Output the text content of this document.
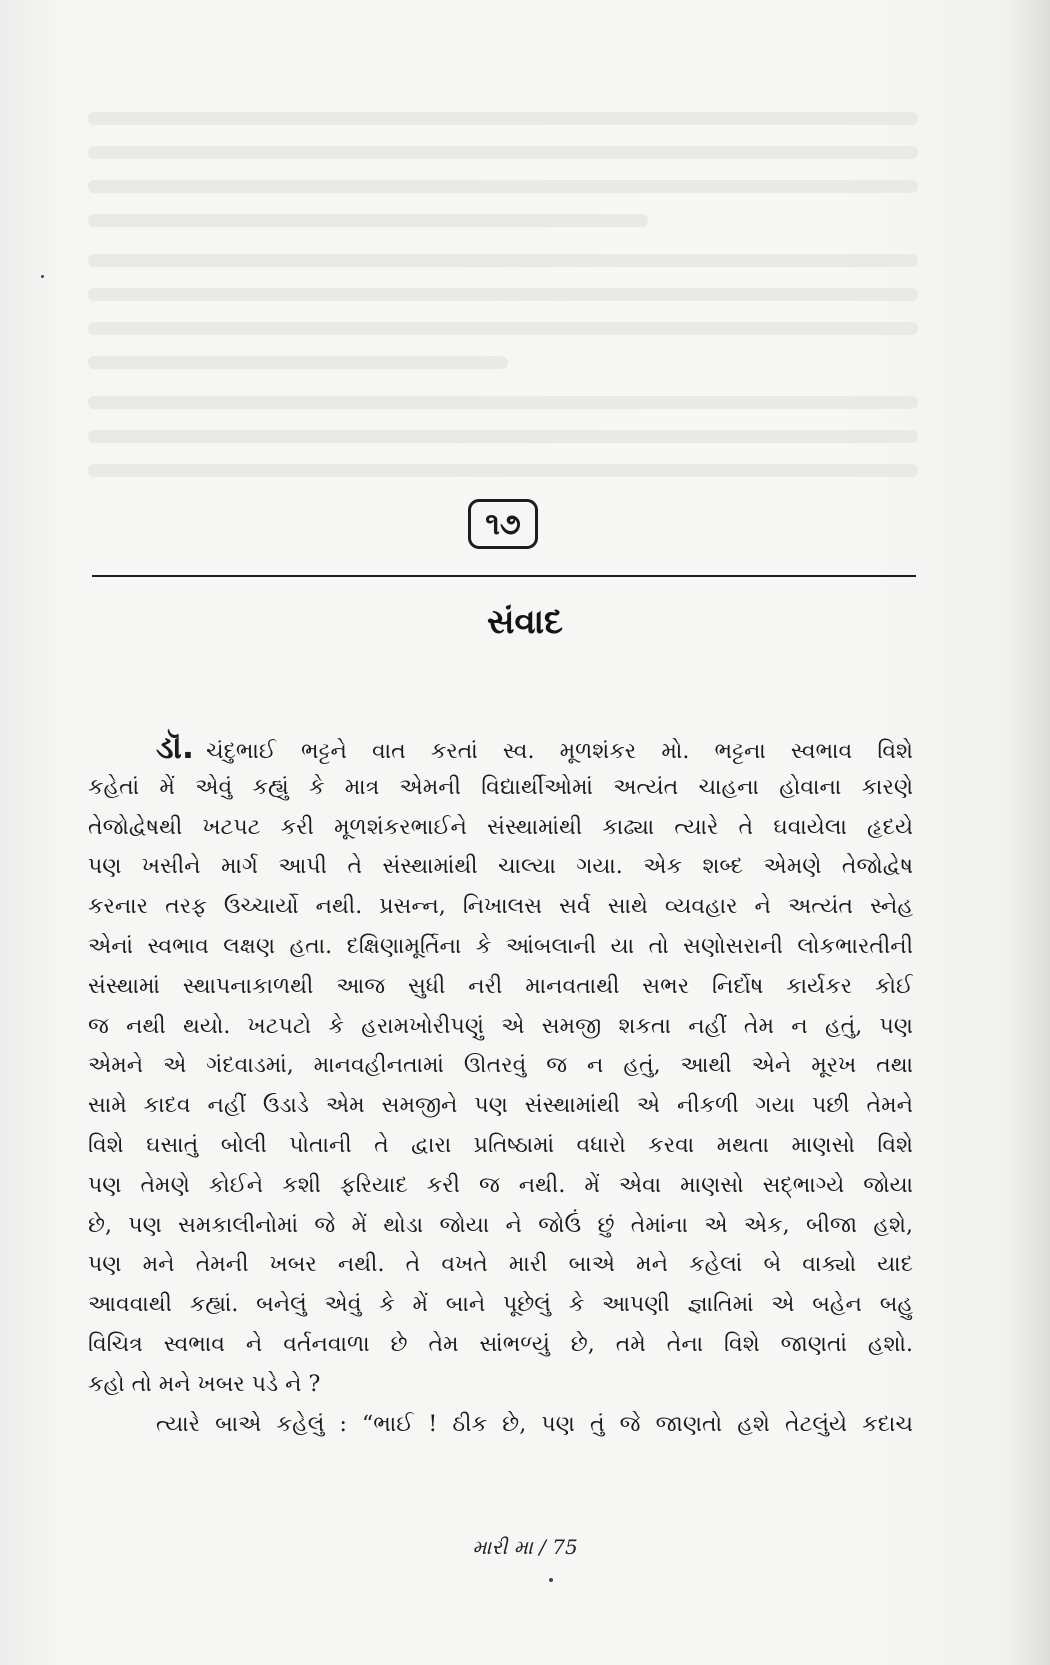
૧૭
સંવાદ
ડૉ. ચંદુભાઈ ભટ્ટને વાત કરતાં સ્વ. મૂળશંકર મો. ભટ્ટના સ્વભાવ વિશે
કહેતાં મેં એવું કહ્યું કે માત્ર એમની વિદ્યાર્થીઓમાં અત્યંત ચાહના હોવાના કારણે
તેજોદ્વેષથી ખટપટ કરી મૂળશંકરભાઈને સંસ્થામાંથી કાઢ્યા ત્યારે તે ઘવાયેલા હૃદયે
પણ ખસીને માર્ગ આપી તે સંસ્થામાંથી ચાલ્યા ગયા. એક શબ્દ એમણે તેજોદ્વેષ
કરનાર તરફ ઉચ્ચાર્યો નથી. પ્રસન્ન, નિખાલસ સર્વ સાથે વ્યવહાર ને અત્યંત સ્નેહ
એનાં સ્વભાવ લક્ષણ હતા. દક્ષિણામૂર્તિના કે આંબલાની યા તો સણોસરાની લોકભારતીની
સંસ્થામાં સ્થાપનાકાળથી આજ સુધી નરી માનવતાથી સભર નિર્દોષ કાર્યકર કોઈ
જ નથી થયો. ખટપટો કે હરામખોરીપણું એ સમજી શકતા નહીં તેમ ન હતું, પણ
એમને એ ગંદવાડમાં, માનવહીનતામાં ઊતરવું જ ન હતું, આથી એને મૂરખ તથા
સામે કાદવ નહીં ઉડાડે એમ સમજીને પણ સંસ્થામાંથી એ નીકળી ગયા પછી તેમને
વિશે ઘસાતું બોલી પોતાની તે દ્વારા પ્રતિષ્ઠામાં વધારો કરવા મથતા માણસો વિશે
પણ તેમણે કોઈને કશી ફરિયાદ કરી જ નથી. મેં એવા માણસો સદ્‌ભાગ્યે જોયા
છે, પણ સમકાલીનોમાં જે મેં થોડા જોયા ને જોઉં છું તેમાંના એ એક, બીજા હશે,
પણ મને તેમની ખબર નથી. તે વખતે મારી બાએ મને કહેલાં બે વાક્યો યાદ
આવવાથી કહ્યાં. બનેલું એવું કે મેં બાને પૂછેલું કે આપણી જ્ઞાતિમાં એ બહેન બહુ
વિચિત્ર સ્વભાવ ને વર્તનવાળા છે તેમ સાંભળ્યું છે, તમે તેના વિશે જાણતાં હશો.
કહો તો મને ખબર પડે ને ?
ત્યારે બાએ કહેલું : “ભાઈ ! ઠીક છે, પણ તું જે જાણતો હશે તેટલુંયે કદાચ
મારી મા / 75
